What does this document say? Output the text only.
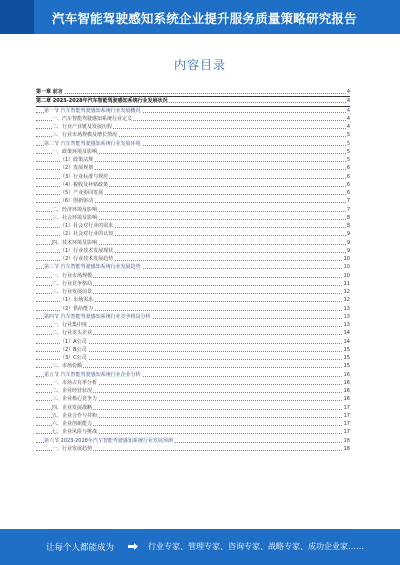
汽车智能驾驶感知系统企业提升服务质量策略研究报告
内容目录
第一章 前言	4
第二章 2023-2028年汽车智能驾驶感知系统行业发展状况	4
第一节 汽车智能驾驶感知系统行业发展概况	4
一、汽车智能驾驶感知系统行业定义	4
二、行业产业链及发展历程	4
三、行业市场规模及增长情况	5
第二节 汽车智能驾驶感知系统行业发展环境	5
一、政策环境及影响	5
（1）政策法规	5
（2）发展规划	6
（3）行业标准与规范	6
（4）税收及补贴政策	6
（5）产业协同发展	6
（6）创新驱动	7
二、经济环境及影响	7
三、社会环境及影响	8
（1）社会对行业的需求	8
（2）社会对行业的认知	9
四、技术环境及影响	9
（1）行业技术发展现状	9
（2）行业技术发展趋势	10
第三节 汽车智能驾驶感知系统行业发展趋势	10
一、行业市场规模	10
二、行业竞争格局	11
三、行业发展前景	12
（1）市场需求	12
（2）供给能力	13
第四节 汽车智能驾驶感知系统行业竞争格局分析	13
一、行业集中度	13
二、行业龙头企业	14
（1）A公司	14
（2）B公司	15
（3）C公司	15
三、市场份额	15
第五节 汽车智能驾驶感知系统行业企业分析	16
一、市场占有率分析	16
二、企业经营状况	16
三、企业核心竞争力	16
四、企业发展战略	17
五、企业合作与并购	17
六、企业创新能力	17
七、企业风险与挑战	17
第六节 2023-2028年汽车智能驾驶感知系统行业发展预测	18
一、行业发展趋势	18
让每个人都能成为	行业专家、管理专家、咨询专家、战略专家、成功企业家……
